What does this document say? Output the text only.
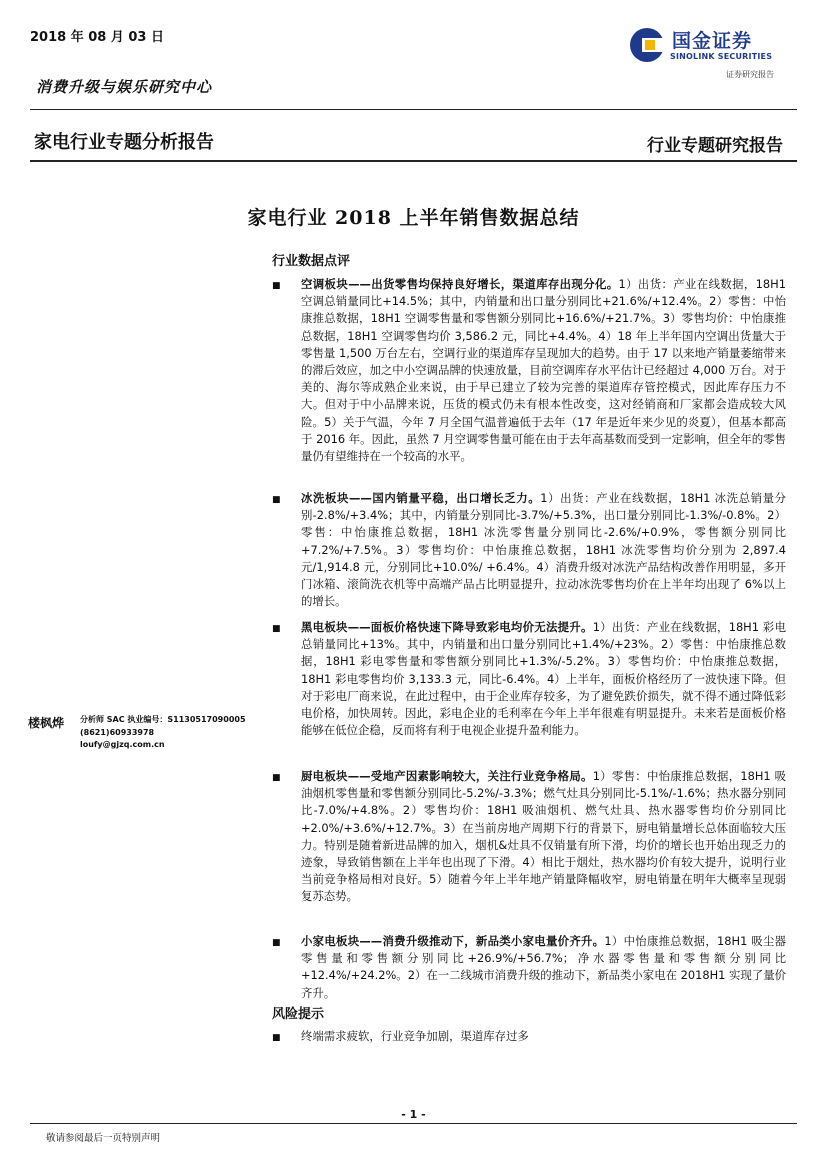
2018 年 08 月 03 日
消费升级与娱乐研究中心
国金证券
SINOLINK SECURITIES
证券研究报告
家电行业专题分析报告	行业专题研究报告
家电行业 2018 上半年销售数据总结
行业数据点评
■ 空调板块——出货零售均保持良好增长，渠道库存出现分化。1）出货：产业在线数据，18H1 空调总销量同比+14.5%；其中，内销量和出口量分别同比+21.6%/+12.4%。2）零售：中怡康推总数据，18H1 空调零售量和零售额分别同比+16.6%/+21.7%。3）零售均价：中怡康推总数据，18H1 空调零售均价 3,586.2 元，同比+4.4%。4）18 年上半年国内空调出货量大于零售量 1,500 万台左右，空调行业的渠道库存呈现加大的趋势。由于 17 以来地产销量萎缩带来的滞后效应，加之中小空调品牌的快速放量，目前空调库存水平估计已经超过 4,000 万台。对于美的、海尔等成熟企业来说，由于早已建立了较为完善的渠道库存管控模式，因此库存压力不大。但对于中小品牌来说，压货的模式仍未有根本性改变，这对经销商和厂家都会造成较大风险。5）关于气温，今年 7 月全国气温普遍低于去年（17 年是近年来少见的炎夏），但基本都高于 2016 年。因此，虽然 7 月空调零售量可能在由于去年高基数而受到一定影响，但全年的零售量仍有望维持在一个较高的水平。
■ 冰洗板块——国内销量平稳，出口增长乏力。1）出货：产业在线数据，18H1 冰洗总销量分别-2.8%/+3.4%；其中，内销量分别同比-3.7%/+5.3%，出口量分别同比-1.3%/-0.8%。2）零售：中怡康推总数据，18H1 冰洗零售量分别同比-2.6%/+0.9%，零售额分别同比+7.2%/+7.5%。3）零售均价：中怡康推总数据，18H1 冰洗零售均价分别为 2,897.4 元/1,914.8 元，分别同比+10.0%/ +6.4%。4）消费升级对冰洗产品结构改善作用明显，多开门冰箱、滚筒洗衣机等中高端产品占比明显提升，拉动冰洗零售均价在上半年均出现了 6%以上的增长。
■ 黑电板块——面板价格快速下降导致彩电均价无法提升。1）出货：产业在线数据，18H1 彩电总销量同比+13%。其中，内销量和出口量分别同比+1.4%/+23%。2）零售：中怡康推总数据，18H1 彩电零售量和零售额分别同比+1.3%/-5.2%。3）零售均价：中怡康推总数据，18H1 彩电零售均价 3,133.3 元，同比-6.4%。4）上半年，面板价格经历了一波快速下降。但对于彩电厂商来说，在此过程中，由于企业库存较多，为了避免跌价损失，就不得不通过降低彩电价格，加快周转。因此，彩电企业的毛利率在今年上半年很难有明显提升。未来若是面板价格能够在低位企稳，反而将有利于电视企业提升盈利能力。
■ 厨电板块——受地产因素影响较大，关注行业竞争格局。1）零售：中怡康推总数据，18H1 吸油烟机零售量和零售额分别同比-5.2%/-3.3%；燃气灶具分别同比-5.1%/-1.6%；热水器分别同比-7.0%/+4.8%。2）零售均价：18H1 吸油烟机、燃气灶具、热水器零售均价分别同比+2.0%/+3.6%/+12.7%。3）在当前房地产周期下行的背景下，厨电销量增长总体面临较大压力。特别是随着新进品牌的加入，烟机&灶具不仅销量有所下滑，均价的增长也开始出现乏力的迹象，导致销售额在上半年也出现了下滑。4）相比于烟灶，热水器均价有较大提升，说明行业当前竞争格局相对良好。5）随着今年上半年地产销量降幅收窄，厨电销量在明年大概率呈现弱复苏态势。
■ 小家电板块——消费升级推动下，新品类小家电量价齐升。1）中怡康推总数据，18H1 吸尘器零售量和零售额分别同比+26.9%/+56.7%；净水器零售量和零售额分别同比+12.4%/+24.2%。2）在一二线城市消费升级的推动下，新品类小家电在 2018H1 实现了量价齐升。
风险提示
■ 终端需求疲软，行业竞争加剧，渠道库存过多
楼枫烨 分析师 SAC 执业编号：S1130517090005
(8621)60933978
loufy@gjzq.com.cn
- 1 -
敬请参阅最后一页特别声明
